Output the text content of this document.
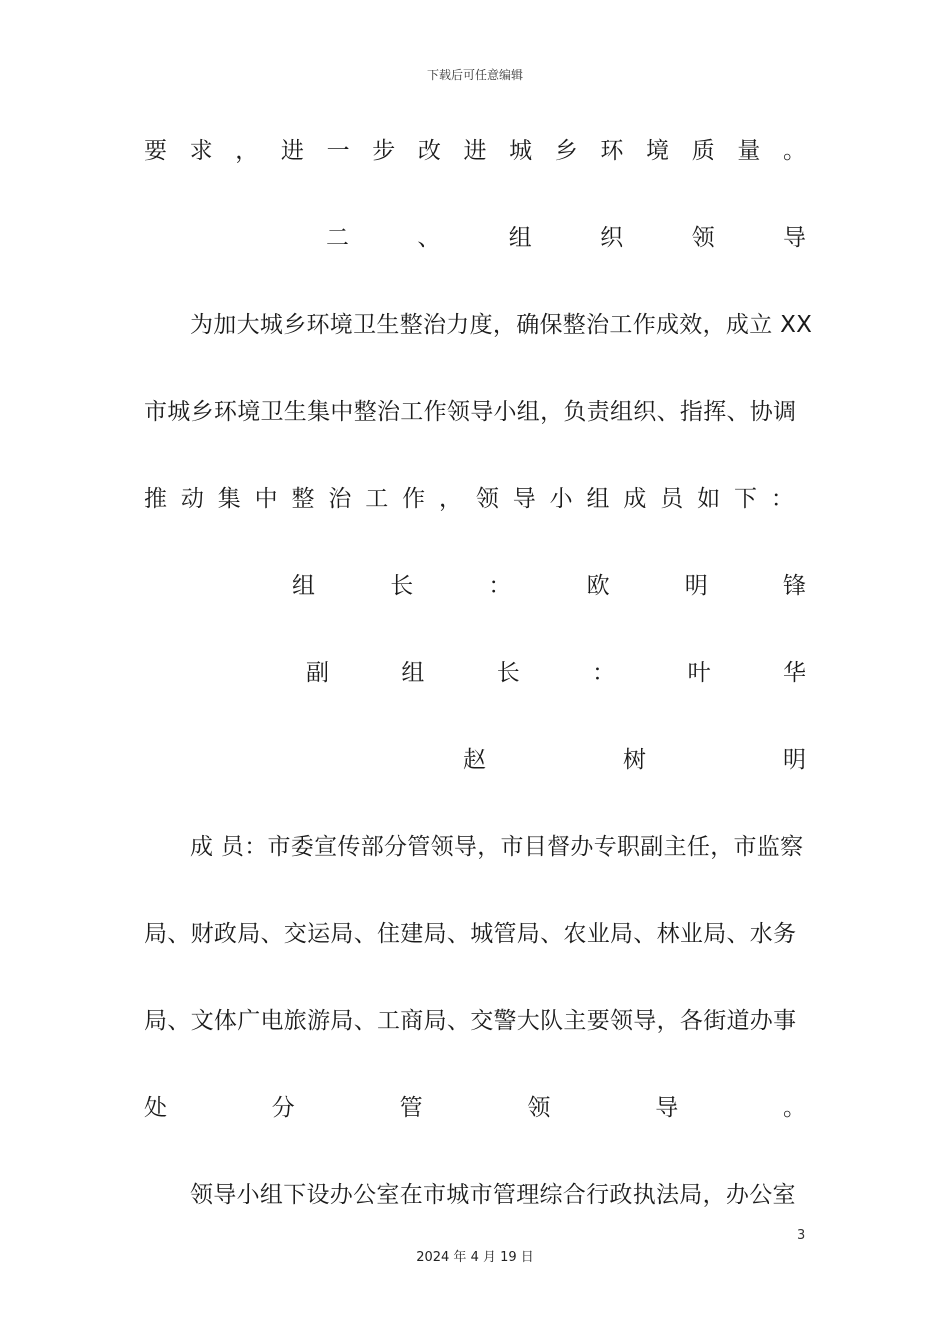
下载后可任意编辑
要 求 ， 进 一 步 改 进 城 乡 环 境 质 量 。
二	、	组	织	领	导
为加大城乡环境卫生整治力度，确保整治工作成效，成立 XX
市城乡环境卫生集中整治工作领导小组，负责组织、指挥、协调
推 动 集 中 整 治 工 作 ， 领 导 小 组 成 员 如 下 ：
组	长	：	欧	明	锋
副	组	长	：	叶	华
赵	树	明
成 员：市委宣传部分管领导，市目督办专职副主任，市监察
局、财政局、交运局、住建局、城管局、农业局、林业局、水务
局、文体广电旅游局、工商局、交警大队主要领导，各街道办事
处	分	管	领	导	。
领导小组下设办公室在市城市管理综合行政执法局，办公室
3
2024 年 4 月 19 日
